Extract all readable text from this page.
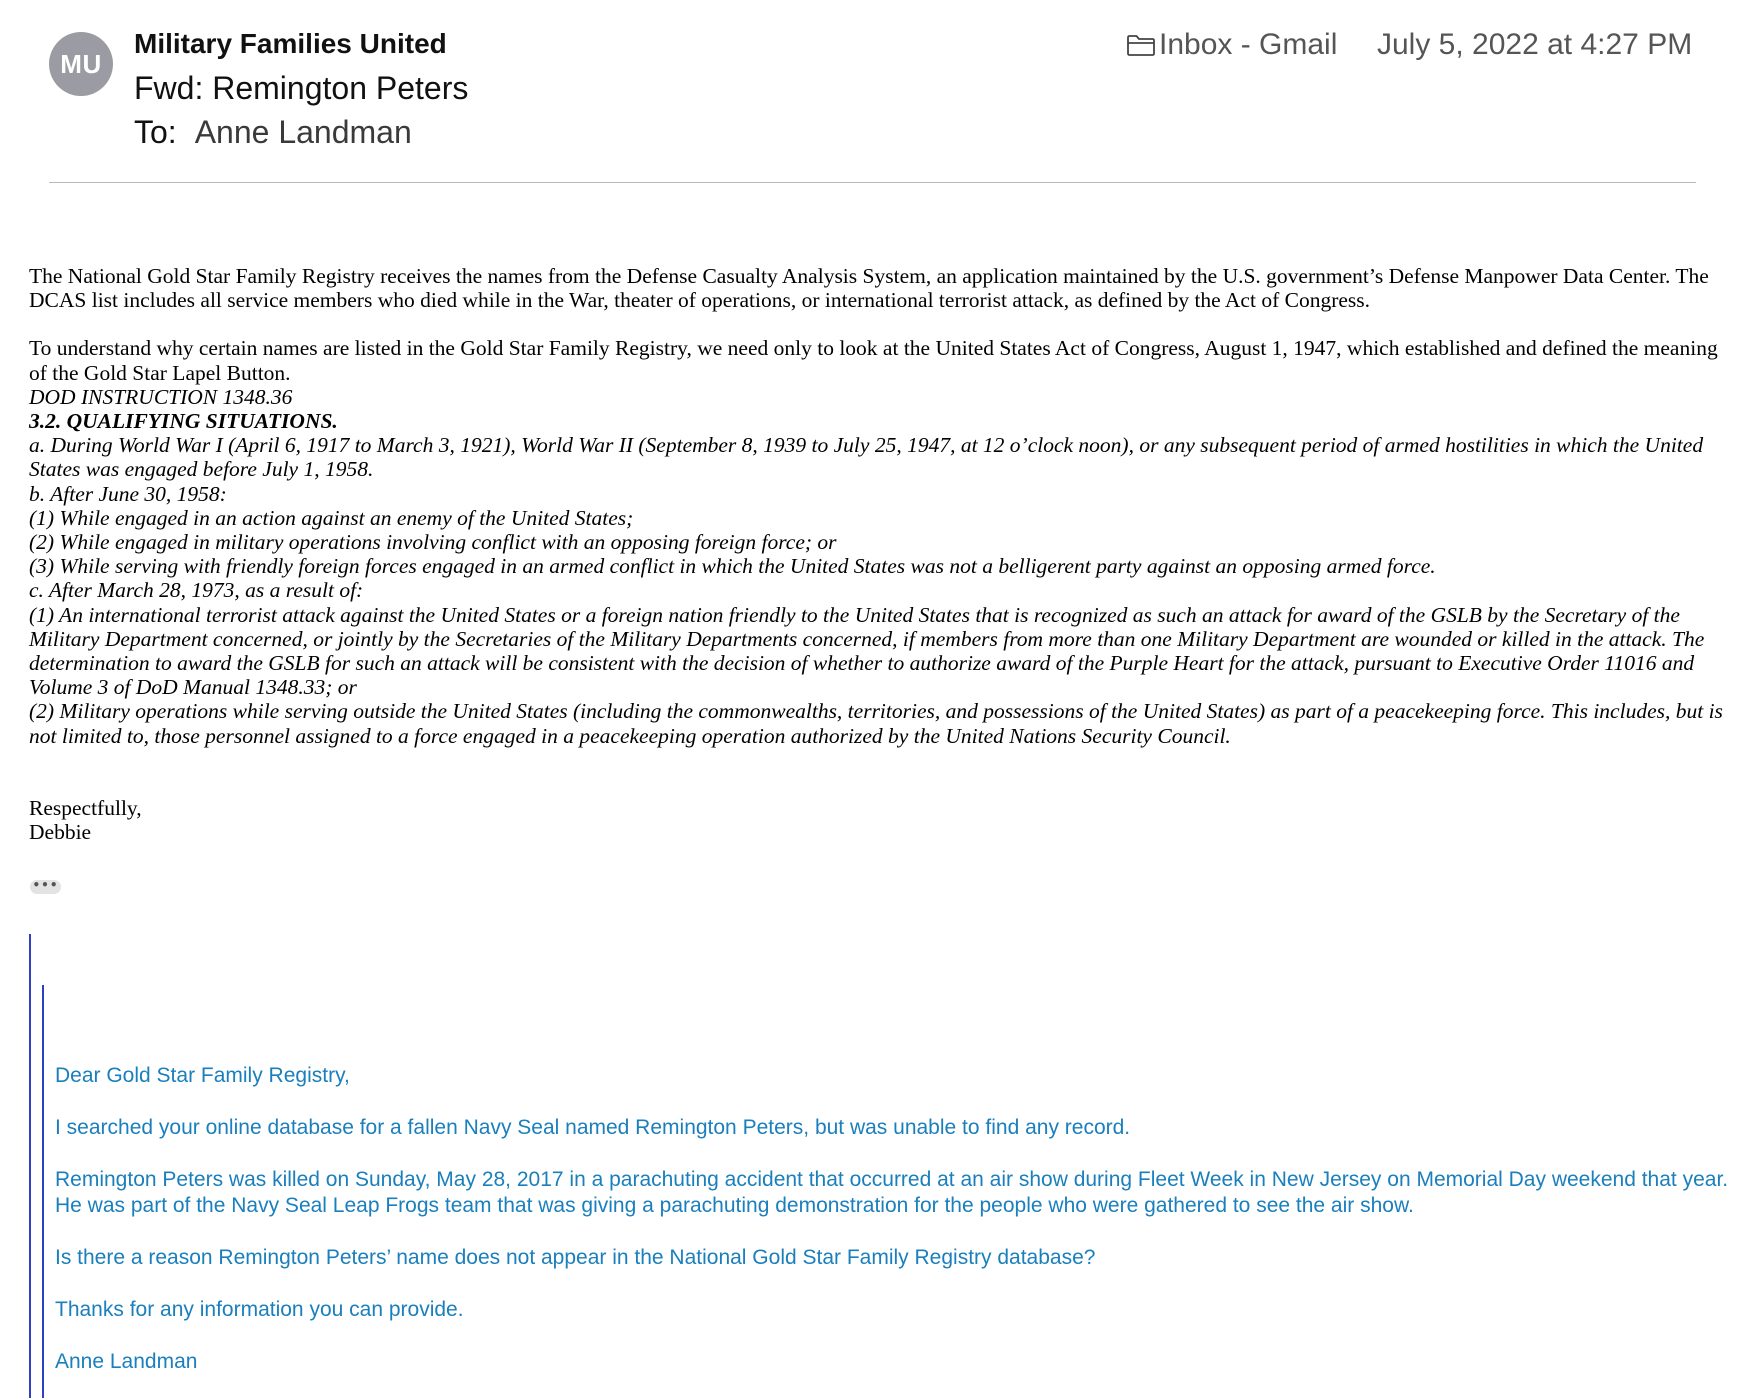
MU
Military Families United
Fwd: Remington Peters
To: Anne Landman
Inbox - Gmail July 5, 2022 at 4:27 PM

The National Gold Star Family Registry receives the names from the Defense Casualty Analysis System, an application maintained by the U.S. government’s Defense Manpower Data Center. The DCAS list includes all service members who died while in the War, theater of operations, or international terrorist attack, as defined by the Act of Congress.

To understand why certain names are listed in the Gold Star Family Registry, we need only to look at the United States Act of Congress, August 1, 1947, which established and defined the meaning of the Gold Star Lapel Button.

DOD INSTRUCTION 1348.36

3.2. QUALIFYING SITUATIONS.

a. During World War I (April 6, 1917 to March 3, 1921), World War II (September 8, 1939 to July 25, 1947, at 12 o’clock noon), or any subsequent period of armed hostilities in which the United States was engaged before July 1, 1958.

b. After June 30, 1958:

(1) While engaged in an action against an enemy of the United States;

(2) While engaged in military operations involving conflict with an opposing foreign force; or

(3) While serving with friendly foreign forces engaged in an armed conflict in which the United States was not a belligerent party against an opposing armed force.

c. After March 28, 1973, as a result of:

(1) An international terrorist attack against the United States or a foreign nation friendly to the United States that is recognized as such an attack for award of the GSLB by the Secretary of the Military Department concerned, or jointly by the Secretaries of the Military Departments concerned, if members from more than one Military Department are wounded or killed in the attack. The determination to award the GSLB for such an attack will be consistent with the decision of whether to authorize award of the Purple Heart for the attack, pursuant to Executive Order 11016 and Volume 3 of DoD Manual 1348.33; or

(2) Military operations while serving outside the United States (including the commonwealths, territories, and possessions of the United States) as part of a peacekeeping force. This includes, but is not limited to, those personnel assigned to a force engaged in a peacekeeping operation authorized by the United Nations Security Council.

Respectfully,

Debbie

•••

Dear Gold Star Family Registry,

I searched your online database for a fallen Navy Seal named Remington Peters, but was unable to find any record.

Remington Peters was killed on Sunday, May 28, 2017 in a parachuting accident that occurred at an air show during Fleet Week in New Jersey on Memorial Day weekend that year. He was part of the Navy Seal Leap Frogs team that was giving a parachuting demonstration for the people who were gathered to see the air show.

Is there a reason Remington Peters’ name does not appear in the National Gold Star Family Registry database?

Thanks for any information you can provide.

Anne Landman
